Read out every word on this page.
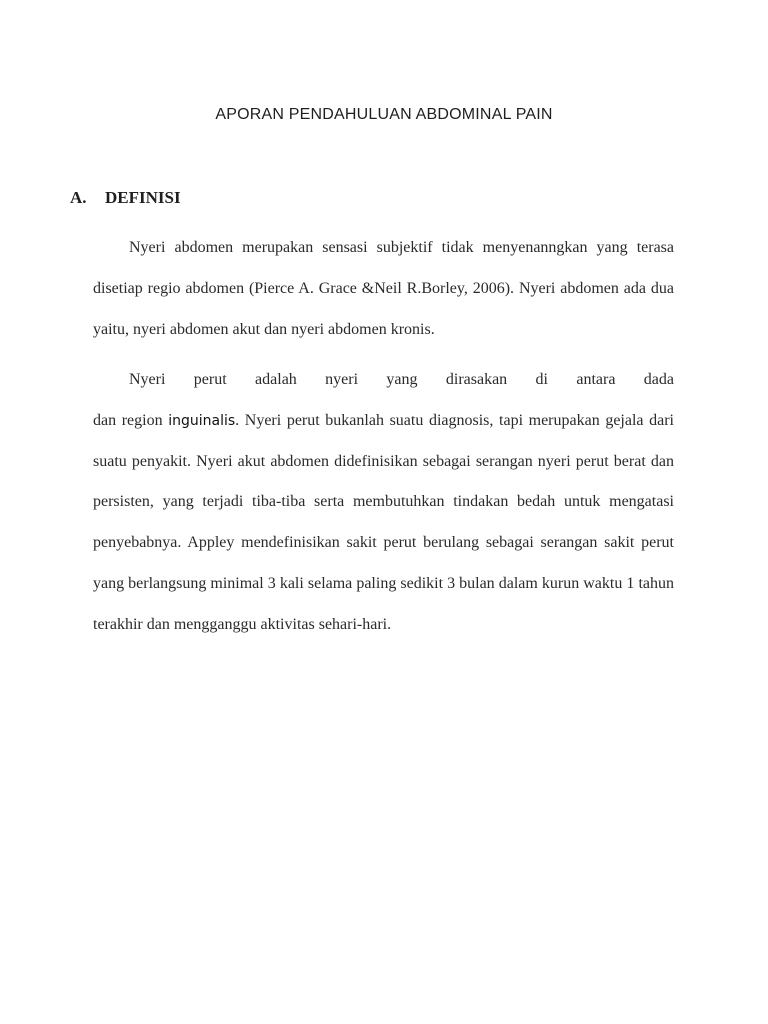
APORAN PENDAHULUAN ABDOMINAL PAIN
A. DEFINISI

Nyeri abdomen merupakan sensasi subjektif tidak menyenanngkan yang terasa disetiap regio abdomen (Pierce A. Grace &Neil R.Borley, 2006). Nyeri abdomen ada dua yaitu, nyeri abdomen akut dan nyeri abdomen kronis.

Nyeri perut adalah nyeri yang dirasakan di antara dada
dan region inguinalis. Nyeri perut bukanlah suatu diagnosis, tapi merupakan gejala dari suatu penyakit. Nyeri akut abdomen didefinisikan sebagai serangan nyeri perut berat dan persisten, yang terjadi tiba-tiba serta membutuhkan tindakan bedah untuk mengatasi penyebabnya. Appley mendefinisikan sakit perut berulang sebagai serangan sakit perut yang berlangsung minimal 3 kali selama paling sedikit 3 bulan dalam kurun waktu 1 tahun terakhir dan mengganggu aktivitas sehari-hari.
